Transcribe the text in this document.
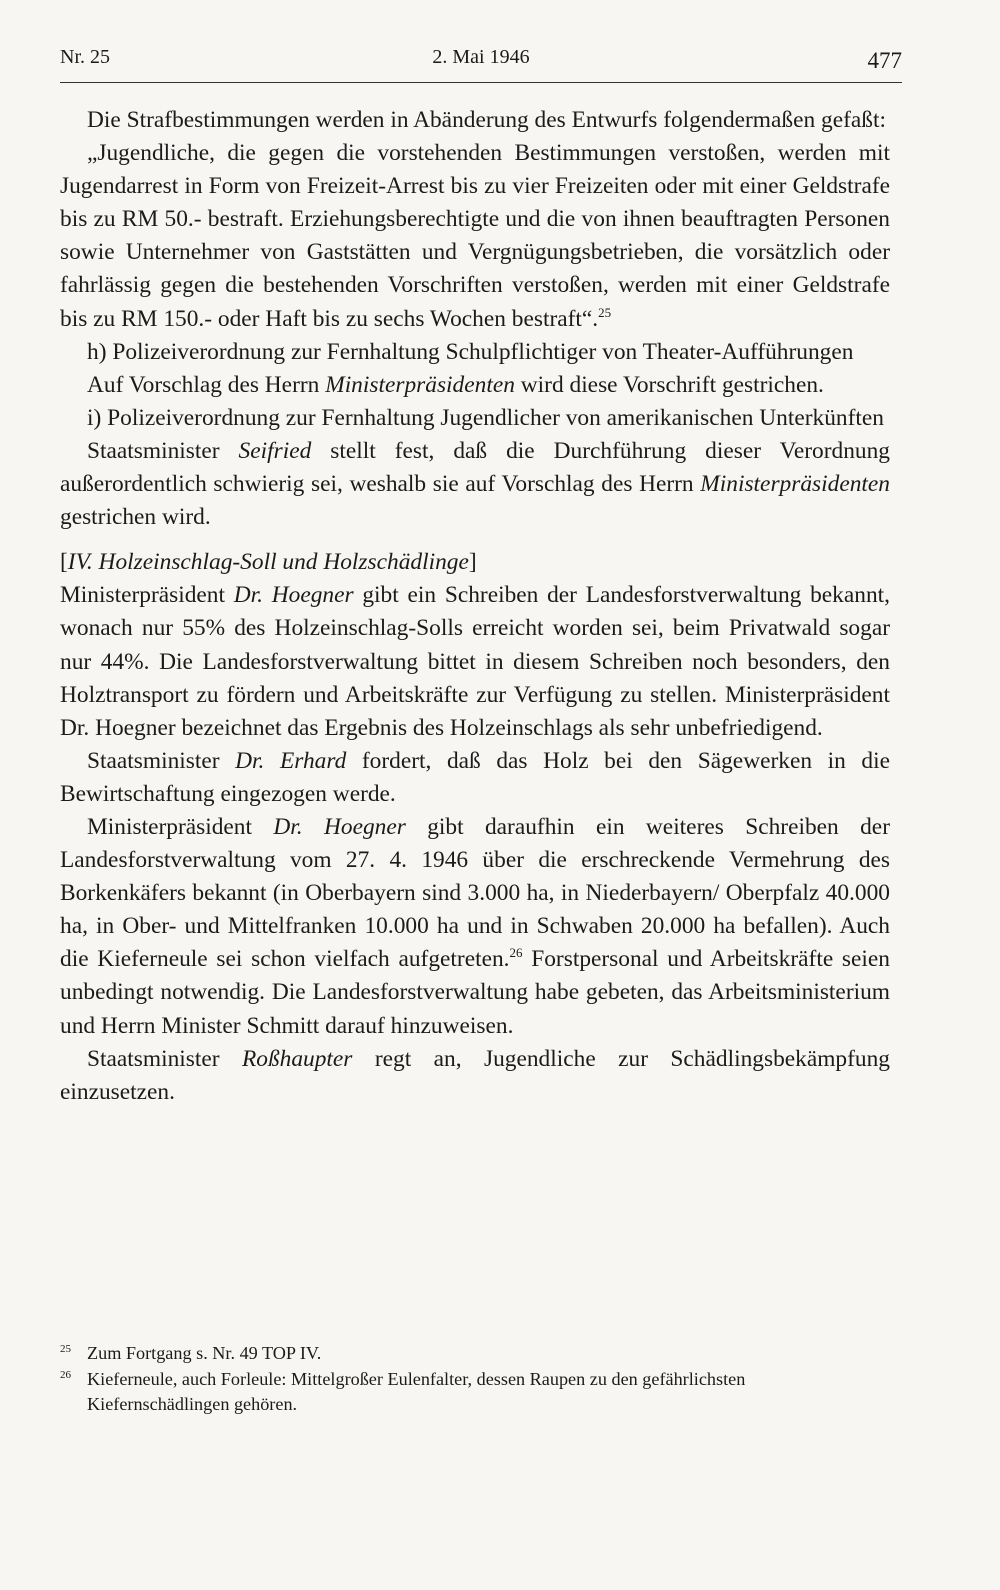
Nr. 25	2. Mai 1946	477

Die Strafbestimmungen werden in Abänderung des Entwurfs folgendermaßen gefaßt:

„Jugendliche, die gegen die vorstehenden Bestimmungen verstoßen, werden mit Jugendarrest in Form von Freizeit-Arrest bis zu vier Freizeiten oder mit einer Geldstrafe bis zu RM 50.- bestraft. Erziehungsberechtigte und die von ihnen beauftragten Personen sowie Unternehmer von Gaststätten und Vergnügungsbetrieben, die vorsätzlich oder fahrlässig gegen die bestehenden Vorschriften verstoßen, werden mit einer Geldstrafe bis zu RM 150.- oder Haft bis zu sechs Wochen bestraft“.$^{25}$

h) Polizeiverordnung zur Fernhaltung Schulpflichtiger von Theater-Aufführungen

Auf Vorschlag des Herrn Ministerpräsidenten wird diese Vorschrift gestrichen.

i) Polizeiverordnung zur Fernhaltung Jugendlicher von amerikanischen Unterkünften

Staatsminister Seifried stellt fest, daß die Durchführung dieser Verordnung außerordentlich schwierig sei, weshalb sie auf Vorschlag des Herrn Ministerpräsidenten gestrichen wird.

[IV. Holzeinschlag-Soll und Holzschädlinge]

Ministerpräsident Dr. Hoegner gibt ein Schreiben der Landesforstverwaltung bekannt, wonach nur 55% des Holzeinschlag-Solls erreicht worden sei, beim Privatwald sogar nur 44%. Die Landesforstverwaltung bittet in diesem Schreiben noch besonders, den Holztransport zu fördern und Arbeitskräfte zur Verfügung zu stellen. Ministerpräsident Dr. Hoegner bezeichnet das Ergebnis des Holzeinschlags als sehr unbefriedigend.

Staatsminister Dr. Erhard fordert, daß das Holz bei den Sägewerken in die Bewirtschaftung eingezogen werde.

Ministerpräsident Dr. Hoegner gibt daraufhin ein weiteres Schreiben der Landesforstverwaltung vom 27. 4. 1946 über die erschreckende Vermehrung des Borkenkäfers bekannt (in Oberbayern sind 3.000 ha, in Niederbayern/ Oberpfalz 40.000 ha, in Ober- und Mittelfranken 10.000 ha und in Schwaben 20.000 ha befallen). Auch die Kieferneule sei schon vielfach aufgetreten.$^{26}$ Forstpersonal und Arbeitskräfte seien unbedingt notwendig. Die Landesforstverwaltung habe gebeten, das Arbeitsministerium und Herrn Minister Schmitt darauf hinzuweisen.

Staatsminister Roßhaupter regt an, Jugendliche zur Schädlingsbekämpfung einzusetzen.

$^{25}$ Zum Fortgang s. Nr. 49 TOP IV.

$^{26}$ Kieferneule, auch Forleule: Mittelgroßer Eulenfalter, dessen Raupen zu den gefährlichsten Kiefernschädlingen gehören.
